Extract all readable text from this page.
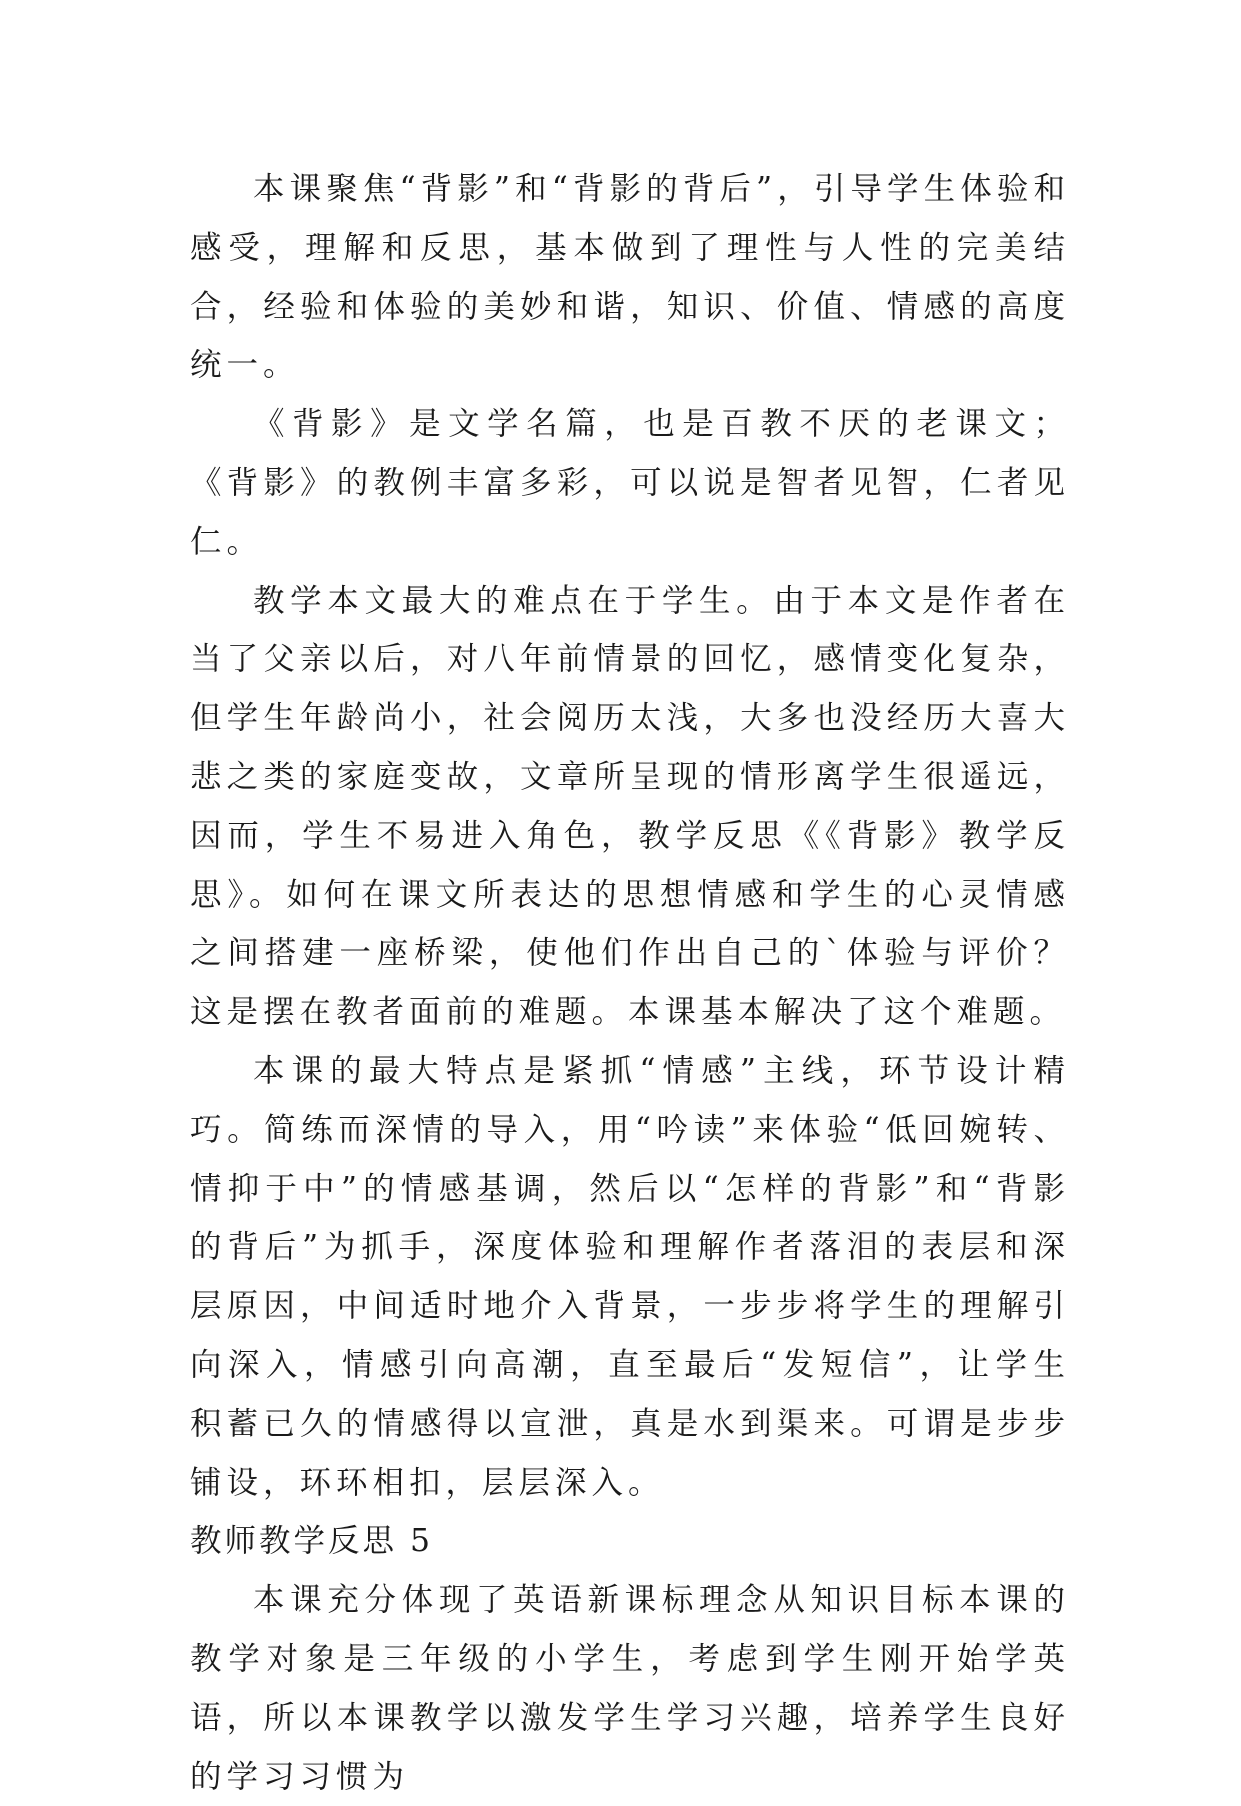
本课聚焦“背影”和“背影的背后”，引导学生体验和感受，理解和反思，基本做到了理性与人性的完美结合，经验和体验的美妙和谐，知识、价值、情感的高度统一。

《背影》是文学名篇，也是百教不厌的老课文；《背影》的教例丰富多彩，可以说是智者见智，仁者见仁。

教学本文最大的难点在于学生。由于本文是作者在当了父亲以后，对八年前情景的回忆，感情变化复杂，但学生年龄尚小，社会阅历太浅，大多也没经历大喜大悲之类的家庭变故，文章所呈现的情形离学生很遥远，因而，学生不易进入角色，教学反思《《背影》教学反思》。如何在课文所表达的思想情感和学生的心灵情感之间搭建一座桥梁，使他们作出自己的`体验与评价？这是摆在教者面前的难题。本课基本解决了这个难题。

本课的最大特点是紧抓“情感”主线，环节设计精巧。简练而深情的导入，用“吟读”来体验“低回婉转、情抑于中”的情感基调，然后以“怎样的背影”和“背影的背后”为抓手，深度体验和理解作者落泪的表层和深层原因，中间适时地介入背景，一步步将学生的理解引向深入，情感引向高潮，直至最后“发短信”，让学生积蓄已久的情感得以宣泄，真是水到渠来。可谓是步步铺设，环环相扣，层层深入。

教师教学反思 5

本课充分体现了英语新课标理念从知识目标本课的教学对象是三年级的小学生，考虑到学生刚开始学英语，所以本课教学以激发学生学习兴趣，培养学生良好的学习习惯为
